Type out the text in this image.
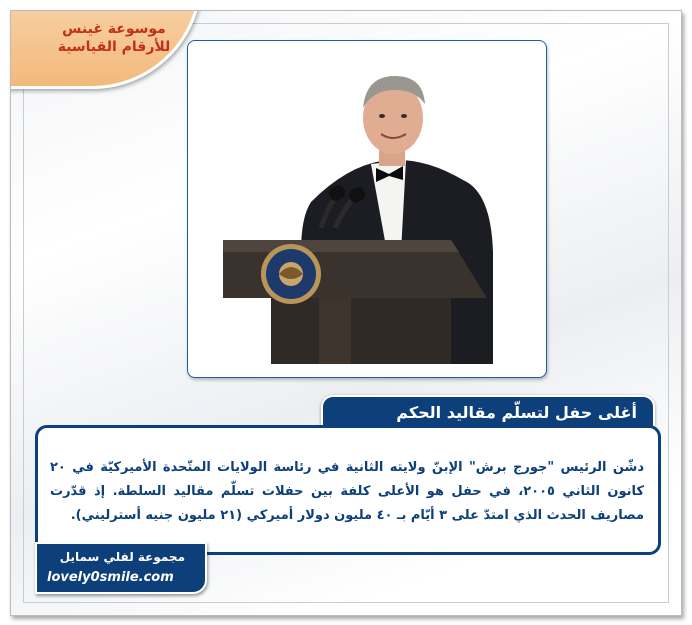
موسوعة غينس
للأرقام القياسية
أغلى حفل لتسلّم مقاليد الحكم
دشّن الرئيس "جورج برش" الإبنّ ولايته الثانية في رئاسة الولايات المتّحدة الأميركيّة في ٢٠ كانون الثاني ٢٠٠٥، في حفل هو الأعلى كلفة بين حفلات تسلّم مقاليد السلطة. إذ قدّرت مصاريف الحدث الذي امتدّ على ٣ أيّام بـ ٤٠ مليون دولار أميركي (٢١ مليون جنيه أسترليني).
مجموعة لفلي سمايل
lovely0smile.com
